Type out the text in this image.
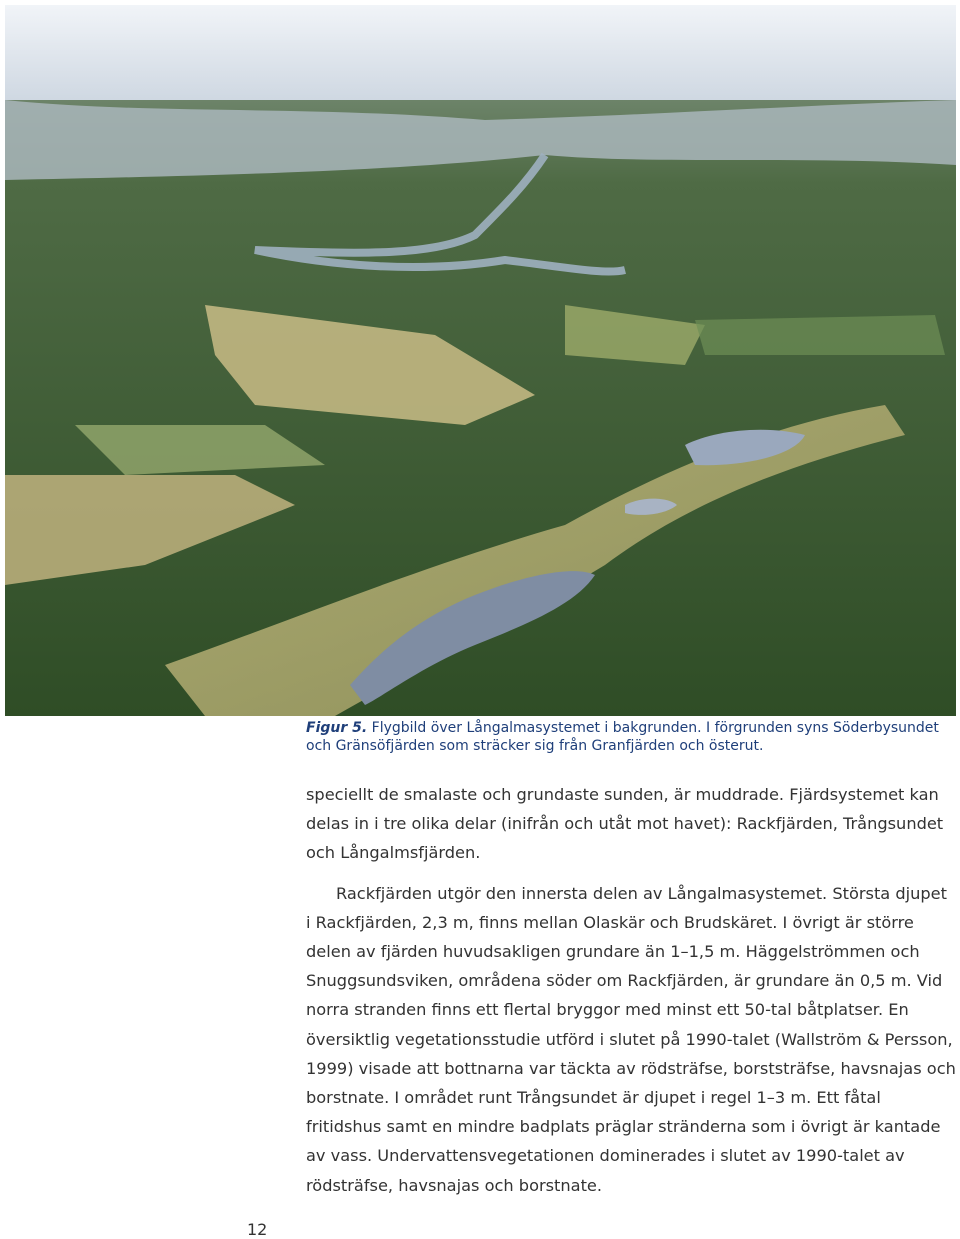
Figur 5. Flygbild över Långalmasystemet i bakgrunden. I förgrunden syns Söderbysundet och Gränsöfjärden som sträcker sig från Granfjärden och österut.

speciellt de smalaste och grundaste sunden, är muddrade. Fjärdsystemet kan delas in i tre olika delar (inifrån och utåt mot havet): Rackfjärden, Trångsundet och Långalmsfjärden.

Rackfjärden utgör den innersta delen av Långalmasystemet. Största djupet i Rackfjärden, 2,3 m, finns mellan Olaskär och Brudskäret. I övrigt är större delen av fjärden huvudsakligen grundare än 1–1,5 m. Häggelströmmen och Snuggsundsviken, områdena söder om Rackfjärden, är grundare än 0,5 m. Vid norra stranden finns ett flertal bryggor med minst ett 50-tal båtplatser. En översiktlig vegetationsstudie utförd i slutet på 1990-talet (Wallström & Persson, 1999) visade att bottnarna var täckta av rödsträfse, borststräfse, havsnajas och borstnate. I området runt Trångsundet är djupet i regel 1–3 m. Ett fåtal fritidshus samt en mindre badplats präglar stränderna som i övrigt är kantade av vass. Undervattensvegetationen dominerades i slutet av 1990-talet av rödsträfse, havsnajas och borstnate.

12
